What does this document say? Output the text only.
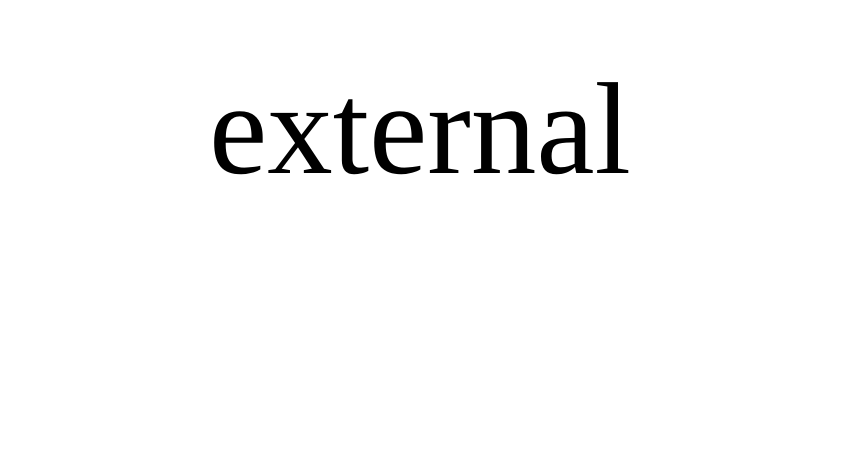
external
